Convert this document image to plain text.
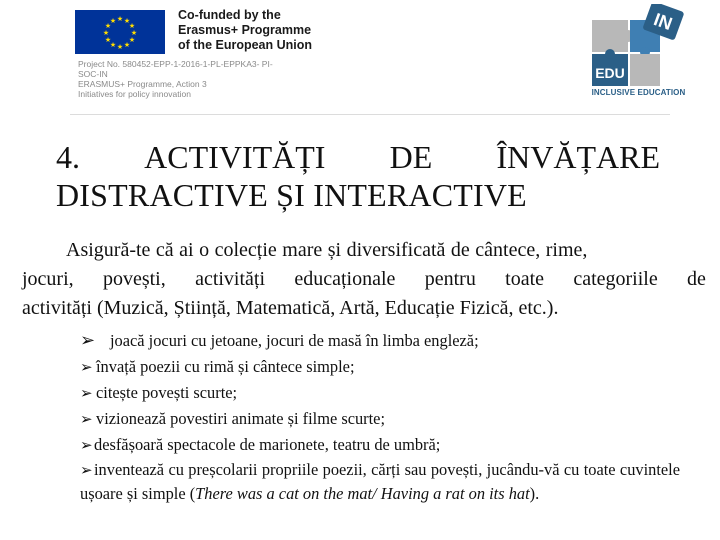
★ ★
★
★
★
★
★
★
★
★
★
★	Co-funded by the
Erasmus+ Programme
of the European Union
Project No. 580452-EPP-1-2016-1-PL-EPPKA3- PI-
SOC-IN
ERASMUS+ Programme, Action 3
Initiatives for policy innovation
IN
EDU
INCLUSIVE EDUCATION
4. ACTIVITĂȚI DE ÎNVĂȚARE
DISTRACTIVE ȘI INTERACTIVE
Asigură-te că ai o colecție mare și diversificată de cântece, rime,
jocuri, povești, activități educaționale pentru toate categoriile de
activități (Muzică, Știință, Matematică, Artă, Educație Fizică, etc.).
➢ joacă jocuri cu jetoane, jocuri de masă în limba engleză;
➢ învață poezii cu rimă și cântece simple;
➢ citește povești scurte;
➢ vizionează povestiri animate și filme scurte;
➢ desfășoară spectacole de marionete, teatru de umbră;
➢inventează cu preșcolarii propriile poezii, cărți sau povești, jucându-vă cu toate cuvintele ușoare și simple (There was a cat on the mat/ Having a rat on its hat).
